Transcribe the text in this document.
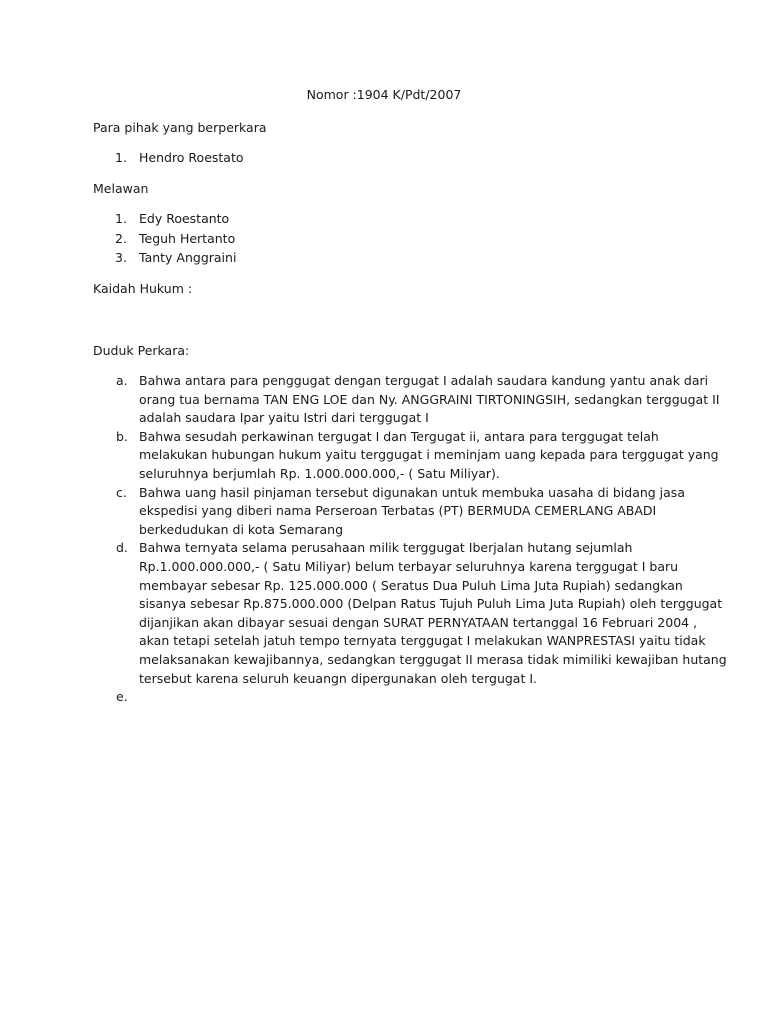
Nomor :1904 K/Pdt/2007
Para pihak yang berperkara
1. Hendro Roestato
Melawan
1. Edy Roestanto
2. Teguh Hertanto
3. Tanty Anggraini
Kaidah Hukum :
Duduk Perkara:
a. Bahwa antara para penggugat dengan tergugat I adalah saudara kandung yantu anak dari
orang tua bernama TAN ENG LOE dan Ny. ANGGRAINI TIRTONINGSIH, sedangkan terggugat II
adalah saudara Ipar yaitu Istri dari terggugat I
b. Bahwa sesudah perkawinan tergugat I dan Tergugat ii, antara para terggugat telah
melakukan hubungan hukum yaitu terggugat i meminjam uang kepada para terggugat yang
seluruhnya berjumlah Rp. 1.000.000.000,- ( Satu Miliyar).
c. Bahwa uang hasil pinjaman tersebut digunakan untuk membuka uasaha di bidang jasa
ekspedisi yang diberi nama Perseroan Terbatas (PT) BERMUDA CEMERLANG ABADI
berkedudukan di kota Semarang
d. Bahwa ternyata selama perusahaan milik terggugat Iberjalan hutang sejumlah
Rp.1.000.000.000,- ( Satu Miliyar) belum terbayar seluruhnya karena terggugat I baru
membayar sebesar Rp. 125.000.000 ( Seratus Dua Puluh Lima Juta Rupiah) sedangkan
sisanya sebesar Rp.875.000.000 (Delpan Ratus Tujuh Puluh Lima Juta Rupiah) oleh terggugat
dijanjikan akan dibayar sesuai dengan SURAT PERNYATAAN tertanggal 16 Februari 2004 ,
akan tetapi setelah jatuh tempo ternyata terggugat I melakukan WANPRESTASI yaitu tidak
melaksanakan kewajibannya, sedangkan terggugat II merasa tidak mimiliki kewajiban hutang
tersebut karena seluruh keuangn dipergunakan oleh tergugat I.
e.
